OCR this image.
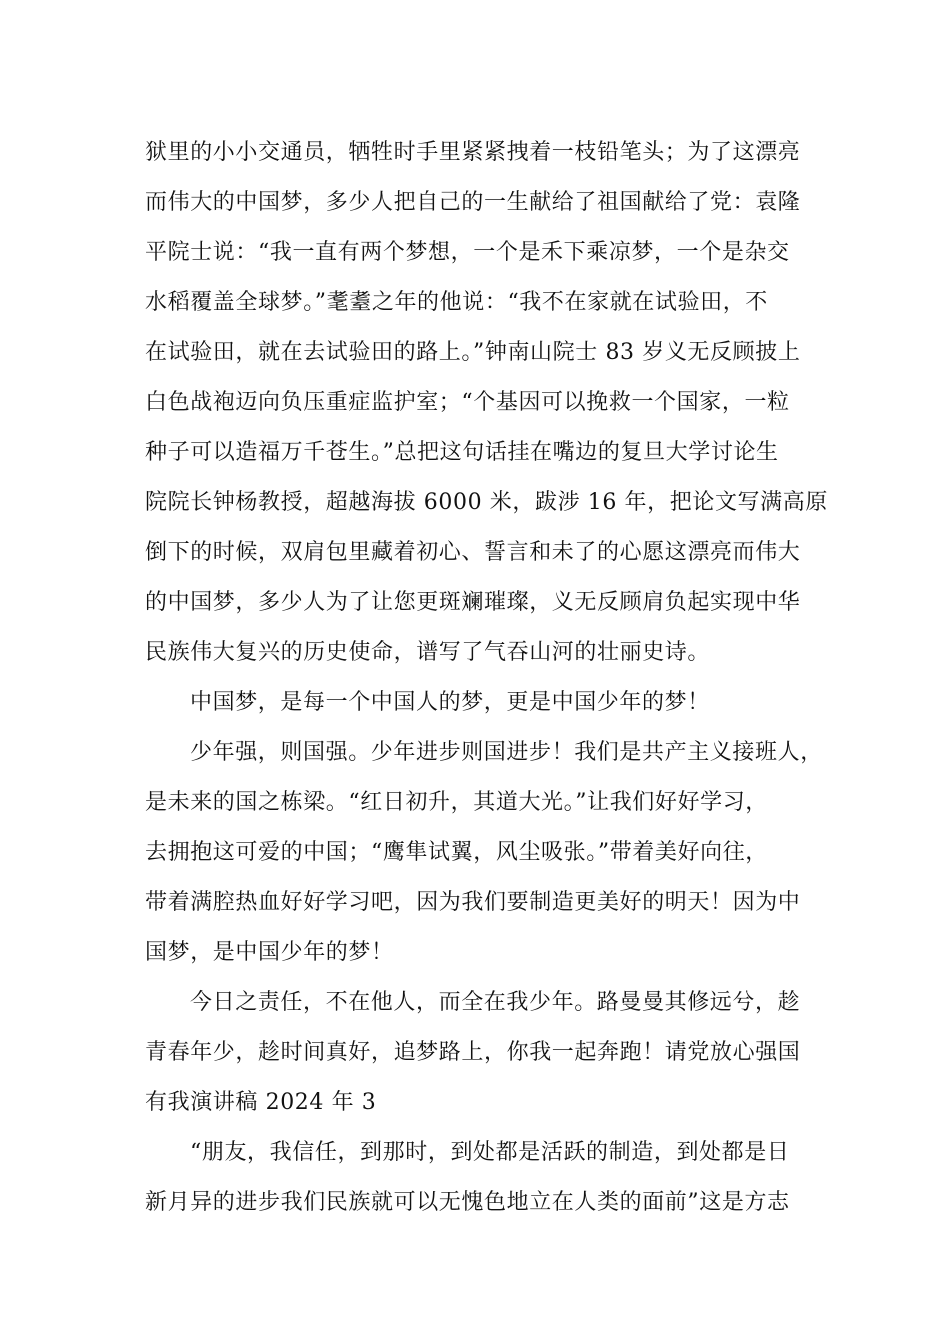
狱里的小小交通员，牺牲时手里紧紧拽着一枝铅笔头；为了这漂亮
而伟大的中国梦，多少人把自己的一生献给了祖国献给了党：袁隆
平院士说：“我一直有两个梦想，一个是禾下乘凉梦，一个是杂交
水稻覆盖全球梦。”耄耋之年的他说：“我不在家就在试验田，不
在试验田，就在去试验田的路上。”钟南山院士 83 岁义无反顾披上
白色战袍迈向负压重症监护室；“个基因可以挽救一个国家，一粒
种子可以造福万千苍生。”总把这句话挂在嘴边的复旦大学讨论生
院院长钟杨教授，超越海拔 6000 米，跋涉 16 年，把论文写满高原
倒下的时候，双肩包里藏着初心、誓言和未了的心愿这漂亮而伟大
的中国梦，多少人为了让您更斑斓璀璨，义无反顾肩负起实现中华
民族伟大复兴的历史使命，谱写了气吞山河的壮丽史诗。
中国梦，是每一个中国人的梦，更是中国少年的梦！
少年强，则国强。少年进步则国进步！我们是共产主义接班人，
是未来的国之栋梁。“红日初升，其道大光。”让我们好好学习，
去拥抱这可爱的中国；“鹰隼试翼，风尘吸张。”带着美好向往，
带着满腔热血好好学习吧，因为我们要制造更美好的明天！因为中
国梦，是中国少年的梦！
今日之责任，不在他人，而全在我少年。路曼曼其修远兮，趁
青春年少，趁时间真好，追梦路上，你我一起奔跑！请党放心强国
有我演讲稿 2024 年 3
“朋友，我信任，到那时，到处都是活跃的制造，到处都是日
新月异的进步我们民族就可以无愧色地立在人类的面前”这是方志
